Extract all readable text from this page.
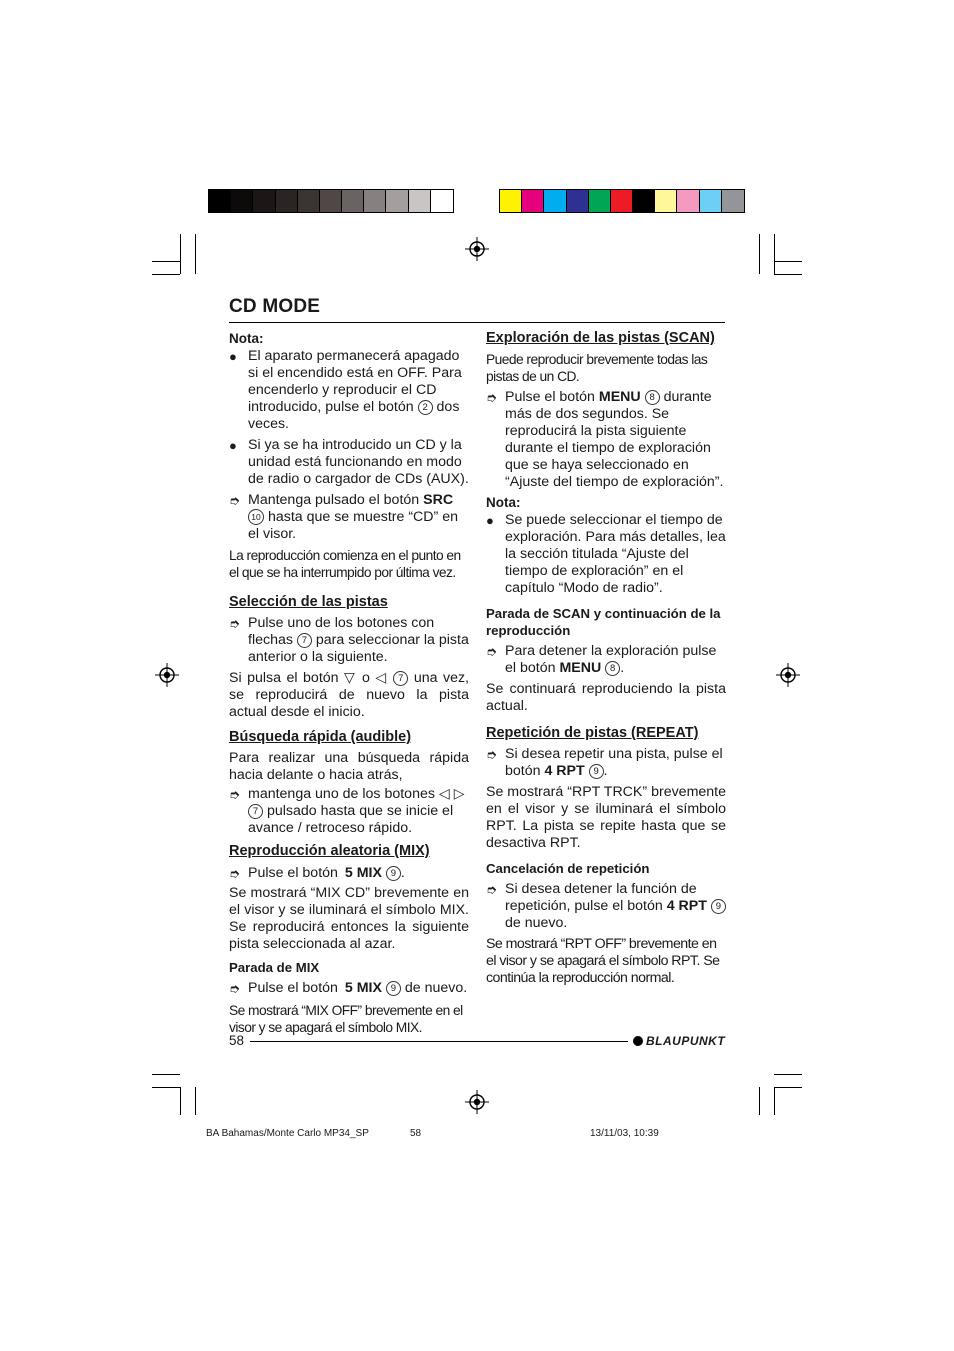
CD MODE

Nota:

● El aparato permanecerá apagado si el encendido está en OFF. Para encenderlo y reproducir el CD introducido, pulse el botón 2 dos veces.
● Si ya se ha introducido un CD y la unidad está funcionando en modo de radio o cargador de CDs (AUX).
➮ Mantenga pulsado el botón SRC 10 hasta que se muestre “CD” en el visor.

La reproducción comienza en el punto en el que se ha interrumpido por última vez.

Selección de las pistas

➮ Pulse uno de los botones con flechas 7 para seleccionar la pista anterior o la siguiente.

Si pulsa el botón ▽ o ◁ 7 una vez, se reproducirá de nuevo la pista actual desde el inicio.

Búsqueda rápida (audible)

Para realizar una búsqueda rápida hacia delante o hacia atrás,

➮ mantenga uno de los botones ◁ ▷ 7 pulsado hasta que se inicie el avance / retroceso rápido.

Reproducción aleatoria (MIX)

➮ Pulse el botón 5 MIX 9 .

Se mostrará “MIX CD” brevemente en el visor y se iluminará el símbolo MIX. Se reproducirá entonces la siguiente pista seleccionada al azar.

Parada de MIX

➮ Pulse el botón 5 MIX 9 de nuevo.

Se mostrará “MIX OFF” brevemente en el visor y se apagará el símbolo MIX.

Exploración de las pistas (SCAN)

Puede reproducir brevemente todas las pistas de un CD.

➮ Pulse el botón MENU 8 durante más de dos segundos. Se reproducirá la pista siguiente durante el tiempo de exploración que se haya seleccionado en “Ajuste del tiempo de exploración”.

Nota:

● Se puede seleccionar el tiempo de exploración. Para más detalles, lea la sección titulada “Ajuste del tiempo de exploración” en el capítulo “Modo de radio”.

Parada de SCAN y continuación de la reproducción

➮ Para detener la exploración pulse el botón MENU 8 .

Se continuará reproduciendo la pista actual.

Repetición de pistas (REPEAT)

➮ Si desea repetir una pista, pulse el botón 4 RPT 9 .

Se mostrará “RPT TRCK” brevemente en el visor y se iluminará el símbolo RPT. La pista se repite hasta que se desactiva RPT.

Cancelación de repetición

➮ Si desea detener la función de repetición, pulse el botón 4 RPT 9 de nuevo.

Se mostrará “RPT OFF” brevemente en el visor y se apagará el símbolo RPT. Se continúa la reproducción normal.

58	BLAUPUNKT
BA Bahamas/Monte Carlo MP34_SP	58	13/11/03, 10:39
